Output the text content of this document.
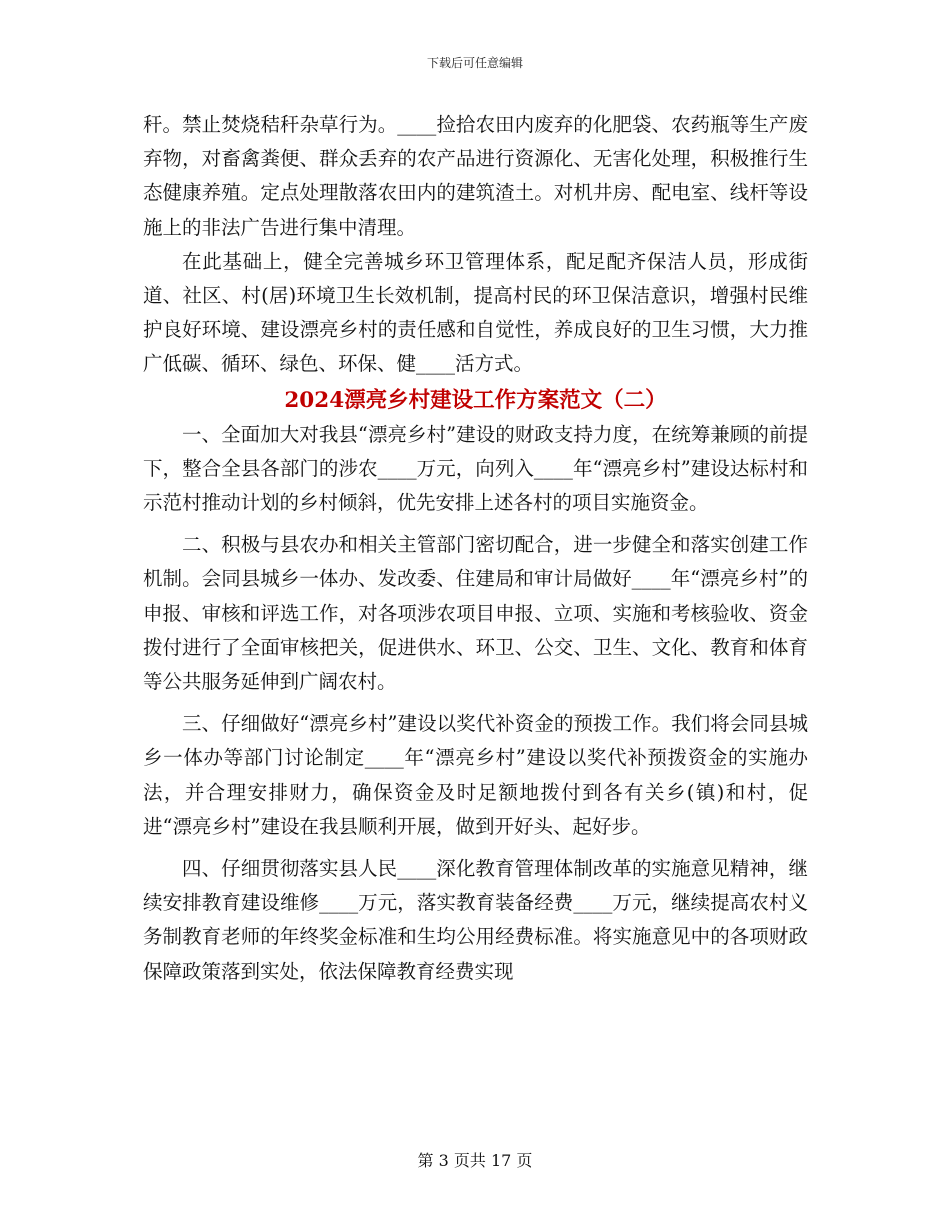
下载后可任意编辑

秆。禁止焚烧秸秆杂草行为。____捡拾农田内废弃的化肥袋、农药瓶等生产废弃物，对畜禽粪便、群众丢弃的农产品进行资源化、无害化处理，积极推行生态健康养殖。定点处理散落农田内的建筑渣土。对机井房、配电室、线杆等设施上的非法广告进行集中清理。

在此基础上，健全完善城乡环卫管理体系，配足配齐保洁人员，形成街道、社区、村(居)环境卫生长效机制，提高村民的环卫保洁意识，增强村民维护良好环境、建设漂亮乡村的责任感和自觉性，养成良好的卫生习惯，大力推广低碳、循环、绿色、环保、健____活方式。

2024漂亮乡村建设工作方案范文（二）

一、全面加大对我县“漂亮乡村”建设的财政支持力度，在统筹兼顾的前提下，整合全县各部门的涉农____万元，向列入____年“漂亮乡村”建设达标村和示范村推动计划的乡村倾斜，优先安排上述各村的项目实施资金。

二、积极与县农办和相关主管部门密切配合，进一步健全和落实创建工作机制。会同县城乡一体办、发改委、住建局和审计局做好____年“漂亮乡村”的申报、审核和评选工作，对各项涉农项目申报、立项、实施和考核验收、资金拨付进行了全面审核把关，促进供水、环卫、公交、卫生、文化、教育和体育等公共服务延伸到广阔农村。

三、仔细做好“漂亮乡村”建设以奖代补资金的预拨工作。我们将会同县城乡一体办等部门讨论制定____年“漂亮乡村”建设以奖代补预拨资金的实施办法，并合理安排财力，确保资金及时足额地拨付到各有关乡(镇)和村，促进“漂亮乡村”建设在我县顺利开展，做到开好头、起好步。

四、仔细贯彻落实县人民____深化教育管理体制改革的实施意见精神，继续安排教育建设维修____万元，落实教育装备经费____万元，继续提高农村义务制教育老师的年终奖金标准和生均公用经费标准。将实施意见中的各项财政保障政策落到实处，依法保障教育经费实现

第 3 页共 17 页
